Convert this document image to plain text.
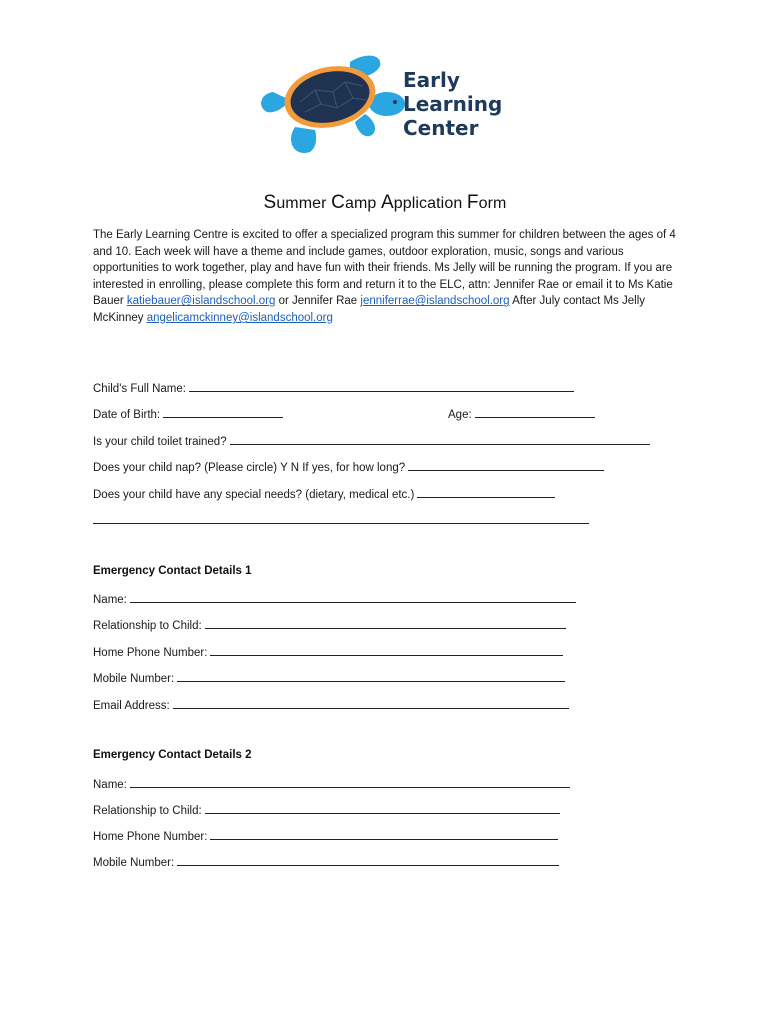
Early
Learning
Center
Summer Camp Application Form
The Early Learning Centre is excited to offer a specialized program this summer for children between the ages of 4 and 10. Each week will have a theme and include games, outdoor exploration, music, songs and various opportunities to work together, play and have fun with their friends. Ms Jelly will be running the program. If you are interested in enrolling, please complete this form and return it to the ELC, attn: Jennifer Rae or email it to Ms Katie Bauer katiebauer@islandschool.org or Jennifer Rae jenniferrae@islandschool.org After July contact Ms Jelly McKinney angelicamckinney@islandschool.org
Child's Full Name:
Date of Birth:	Age:
Is your child toilet trained?
Does your child nap? (Please circle) Y N If yes, for how long?
Does your child have any special needs? (dietary, medical etc.)
Emergency Contact Details 1
Name:
Relationship to Child:
Home Phone Number:
Mobile Number:
Email Address:
Emergency Contact Details 2
Name:
Relationship to Child:
Home Phone Number:
Mobile Number:
